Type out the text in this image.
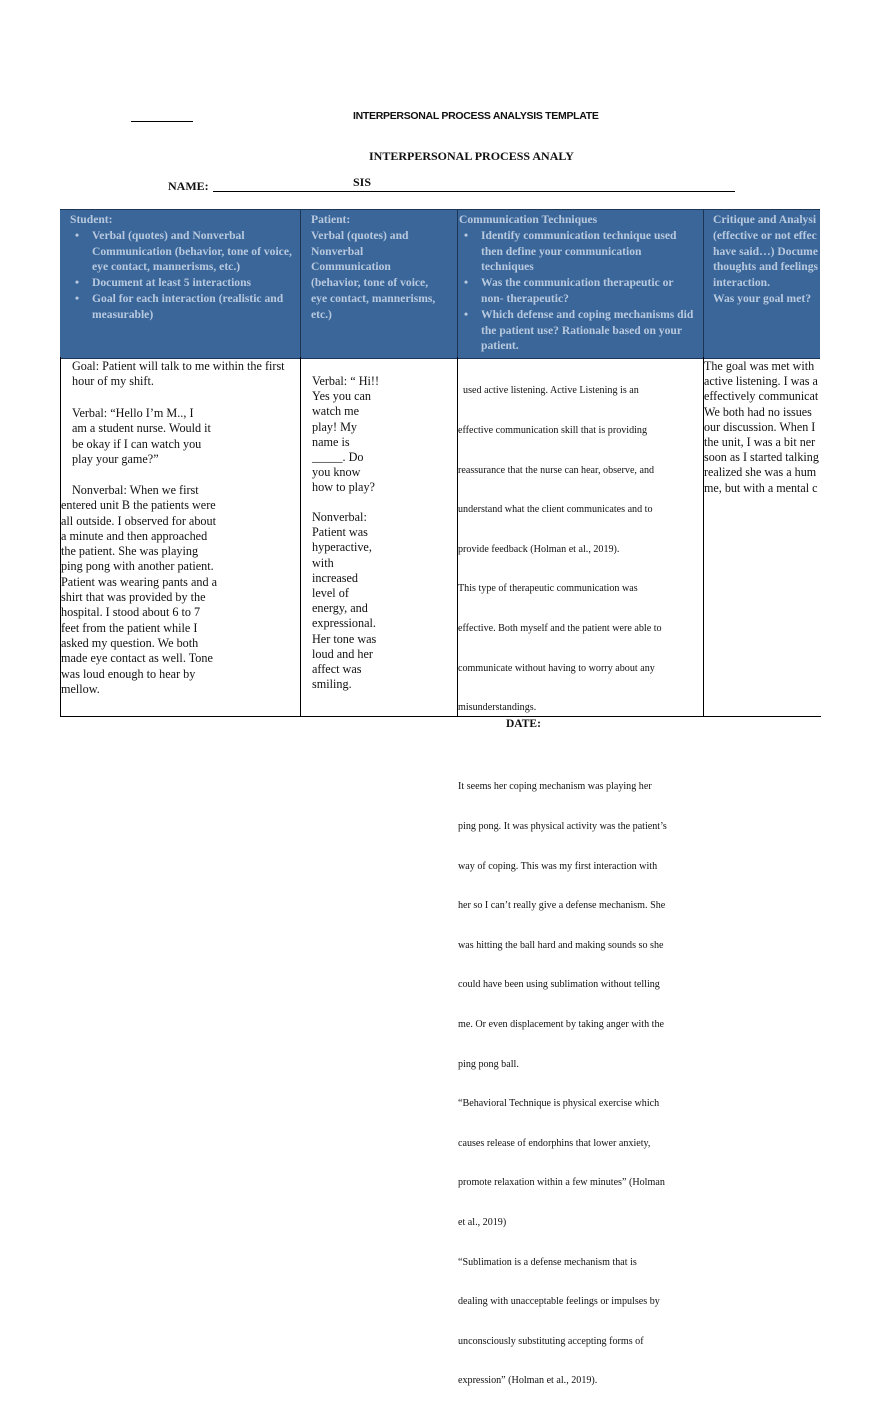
INTERPERSONAL PROCESS ANALYSIS TEMPLATE
INTERPERSONAL PROCESS ANALY
SIS
NAME:
Student:
• Verbal (quotes) and Nonverbal Communication (behavior, tone of voice, eye contact, mannerisms, etc.)
• Document at least 5 interactions
• Goal for each interaction (realistic and measurable)
Patient:
Verbal (quotes) and
Nonverbal
Communication
(behavior, tone of voice,
eye contact, mannerisms,
etc.)
Communication Techniques
• Identify communication technique used then define your communication techniques
• Was the communication therapeutic or non- therapeutic?
• Which defense and coping mechanisms did the patient use? Rationale based on your patient.
Critique and Analysi
(effective or not effec
have said…) Docume
thoughts and feelings
interaction.
Was your goal met?

Goal: Patient will talk to me within the first

hour of my shift.

Verbal: “Hello I’m M.., I

am a student nurse. Would it

be okay if I can watch you

play your game?”

Nonverbal: When we first

entered unit B the patients were

all outside. I observed for about

a minute and then approached

the patient. She was playing

ping pong with another patient.

Patient was wearing pants and a

shirt that was provided by the

hospital. I stood about 6 to 7

feet from the patient while I

asked my question. We both

made eye contact as well. Tone

was loud enough to hear by

mellow.

Verbal: “ Hi!!

Yes you can

watch me

play! My

name is

_____. Do

you know

how to play?

Nonverbal:

Patient was

hyperactive,

with

increased

level of

energy, and

expressional.

Her tone was

loud and her

affect was

smiling.

used active listening. Active Listening is an

effective communication skill that is providing

reassurance that the nurse can hear, observe, and

understand what the client communicates and to

provide feedback (Holman et al., 2019).

This type of therapeutic communication was

effective. Both myself and the patient were able to

communicate without having to worry about any

misunderstandings.

It seems her coping mechanism was playing her

ping pong. It was physical activity was the patient’s

way of coping. This was my first interaction with

her so I can’t really give a defense mechanism. She

was hitting the ball hard and making sounds so she

could have been using sublimation without telling

me. Or even displacement by taking anger with the

ping pong ball.

“Behavioral Technique is physical exercise which

causes release of endorphins that lower anxiety,

promote relaxation within a few minutes” (Holman

et al., 2019)

“Sublimation is a defense mechanism that is

dealing with unacceptable feelings or impulses by

unconsciously substituting accepting forms of

expression” (Holman et al., 2019).

The goal was met with

active listening. I was a

effectively communicat

We both had no issues

our discussion. When I

the unit, I was a bit ner

soon as I started talking

realized she was a hum

me, but with a mental c

DATE:
